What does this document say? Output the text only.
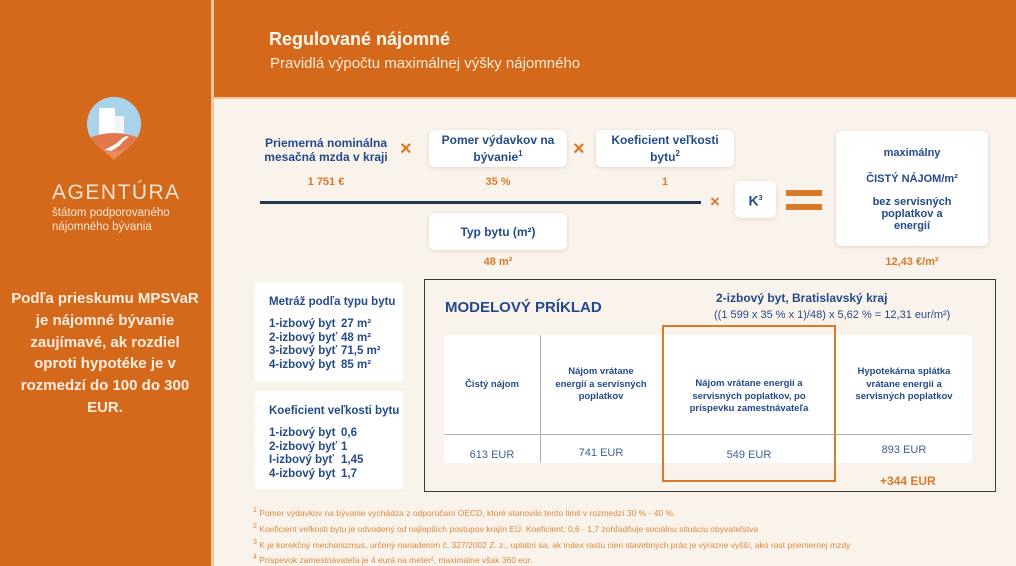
AGENTÚRA
štátom podporovaného
nájomného bývania
Podľa prieskumu MPSVaR je nájomné bývanie zaujímavé, ak rozdiel oproti hypotéke je v rozmedzí do 100 do 300 EUR.
Regulované nájomné
Pravidlá výpočtu maximálnej výšky nájomného
Priemerná nominálna mesačná mzda v kraji
1 751 €
×	Pomer výdavkov na bývanie$^1$
35 %
× Koeficient veľkosti bytu$^2$
1
Typ bytu (m²)
48 m²
× $K^3$
maximálny
ČISTÝ NÁJOM/m²
bez servisných poplatkov a energií
12,43 €/m²
Metráž podľa typu bytu
1-izbový byt 27 m²
2-izbový byť 48 m²
3-izbový byť 71,5 m²
4-izbový byt 85 m²
Koeficient veľkosti bytu
1-izbový byt 0,6
2-izbový byť 1
I-izbový byť 1,45
4-izbový byt 1,7
MODELOVÝ PRÍKLAD
2-izbový byt, Bratislavský kraj
((1 599 x 35 % x 1)/48) x 5,62 % = 12,31 eur/m²)
Čistý nájom
613 EUR
Nájom vrátane energií a servisných poplatkov
741 EUR
Nájom vrátane energií a servisných poplatkov, po príspevku zamestnávateľa
549 EUR
Hypotekárna splátka vrátane energií a servisných poplatkov
893 EUR
+344 EUR
$^1$ Pomer výdavkov na bývanie vychádza z odporúčaní OECD, ktoré stanovilo tento limit v rozmedzí 30 % - 40 %.
$^2$ Koeficient veľkosti bytu je odvodený od najlepších postupov krajín EÚ. Koeficient: 0,6 - 1,7 zohľadňuje sociálnu situáciu obyvateľstva
$^3$ K je korekčný mechanizmus, určený nariadením č. 327/2002 Z. z., uplatní sa, ak index rastu cien stavebných prác je výrazne vyšší, ako rast priemernej mzdy
$^4$ Príspevok zamestnávateľa je 4 eurá na meter², maximálne však 360 eur.
